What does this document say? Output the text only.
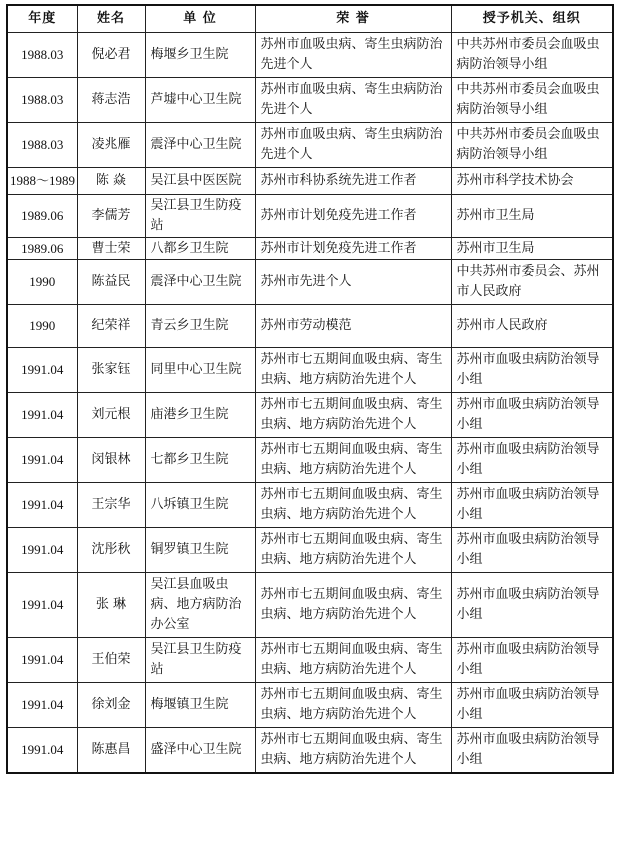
年度	姓名	单 位	荣 誉	授予机关、组织
1988.03	倪必君	梅堰乡卫生院	苏州市血吸虫病、寄生虫病防治先进个人	中共苏州市委员会血吸虫病防治领导小组
1988.03	蒋志浩	芦墟中心卫生院	苏州市血吸虫病、寄生虫病防治先进个人	中共苏州市委员会血吸虫病防治领导小组
1988.03	凌兆雁	震泽中心卫生院	苏州市血吸虫病、寄生虫病防治先进个人	中共苏州市委员会血吸虫病防治领导小组
1988～1989	陈 焱	吴江县中医医院	苏州市科协系统先进工作者	苏州市科学技术协会
1989.06	李儒芳	吴江县卫生防疫站	苏州市计划免疫先进工作者	苏州市卫生局
1989.06	曹士荣	八都乡卫生院	苏州市计划免疫先进工作者	苏州市卫生局
1990	陈益民	震泽中心卫生院	苏州市先进个人	中共苏州市委员会、苏州市人民政府
1990	纪荣祥	青云乡卫生院	苏州市劳动模范	苏州市人民政府
1991.04	张家钰	同里中心卫生院	苏州市七五期间血吸虫病、寄生虫病、地方病防治先进个人	苏州市血吸虫病防治领导小组
1991.04	刘元根	庙港乡卫生院	苏州市七五期间血吸虫病、寄生虫病、地方病防治先进个人	苏州市血吸虫病防治领导小组
1991.04	闵银林	七都乡卫生院	苏州市七五期间血吸虫病、寄生虫病、地方病防治先进个人	苏州市血吸虫病防治领导小组
1991.04	王宗华	八坼镇卫生院	苏州市七五期间血吸虫病、寄生虫病、地方病防治先进个人	苏州市血吸虫病防治领导小组
1991.04	沈彤秋	铜罗镇卫生院	苏州市七五期间血吸虫病、寄生虫病、地方病防治先进个人	苏州市血吸虫病防治领导小组
1991.04	张 琳	吴江县血吸虫病、地方病防治办公室	苏州市七五期间血吸虫病、寄生虫病、地方病防治先进个人	苏州市血吸虫病防治领导小组
1991.04	王伯荣	吴江县卫生防疫站	苏州市七五期间血吸虫病、寄生虫病、地方病防治先进个人	苏州市血吸虫病防治领导小组
1991.04	徐刘金	梅堰镇卫生院	苏州市七五期间血吸虫病、寄生虫病、地方病防治先进个人	苏州市血吸虫病防治领导小组
1991.04	陈惠昌	盛泽中心卫生院	苏州市七五期间血吸虫病、寄生虫病、地方病防治先进个人	苏州市血吸虫病防治领导小组
